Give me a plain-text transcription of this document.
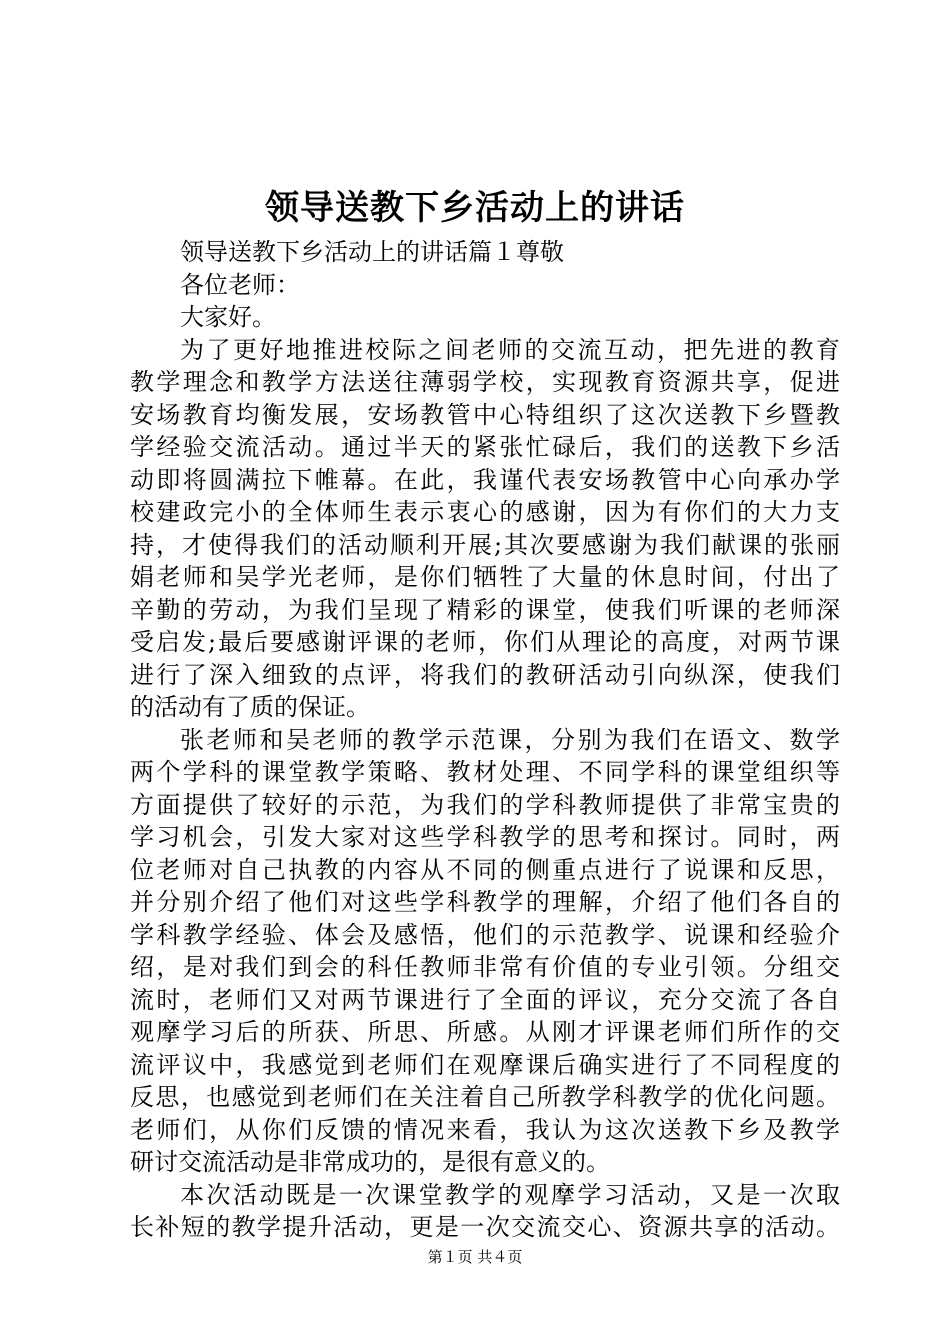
领导送教下乡活动上的讲话
领导送教下乡活动上的讲话篇１尊敬
各位老师：
大家好。
为了更好地推进校际之间老师的交流互动，把先进的教育
教学理念和教学方法送往薄弱学校，实现教育资源共享，促进
安场教育均衡发展，安场教管中心特组织了这次送教下乡暨教
学经验交流活动。通过半天的紧张忙碌后，我们的送教下乡活
动即将圆满拉下帷幕。在此，我谨代表安场教管中心向承办学
校建政完小的全体师生表示衷心的感谢，因为有你们的大力支
持，才使得我们的活动顺利开展;其次要感谢为我们献课的张丽
娟老师和吴学光老师，是你们牺牲了大量的休息时间，付出了
辛勤的劳动，为我们呈现了精彩的课堂，使我们听课的老师深
受启发;最后要感谢评课的老师，你们从理论的高度，对两节课
进行了深入细致的点评，将我们的教研活动引向纵深，使我们
的活动有了质的保证。
张老师和吴老师的教学示范课，分别为我们在语文、数学
两个学科的课堂教学策略、教材处理、不同学科的课堂组织等
方面提供了较好的示范，为我们的学科教师提供了非常宝贵的
学习机会，引发大家对这些学科教学的思考和探讨。同时，两
位老师对自己执教的内容从不同的侧重点进行了说课和反思，
并分别介绍了他们对这些学科教学的理解，介绍了他们各自的
学科教学经验、体会及感悟，他们的示范教学、说课和经验介
绍，是对我们到会的科任教师非常有价值的专业引领。分组交
流时，老师们又对两节课进行了全面的评议，充分交流了各自
观摩学习后的所获、所思、所感。从刚才评课老师们所作的交
流评议中，我感觉到老师们在观摩课后确实进行了不同程度的
反思，也感觉到老师们在关注着自己所教学科教学的优化问题。
老师们，从你们反馈的情况来看，我认为这次送教下乡及教学
研讨交流活动是非常成功的，是很有意义的。
本次活动既是一次课堂教学的观摩学习活动，又是一次取
长补短的教学提升活动，更是一次交流交心、资源共享的活动。
第１页 共４页
